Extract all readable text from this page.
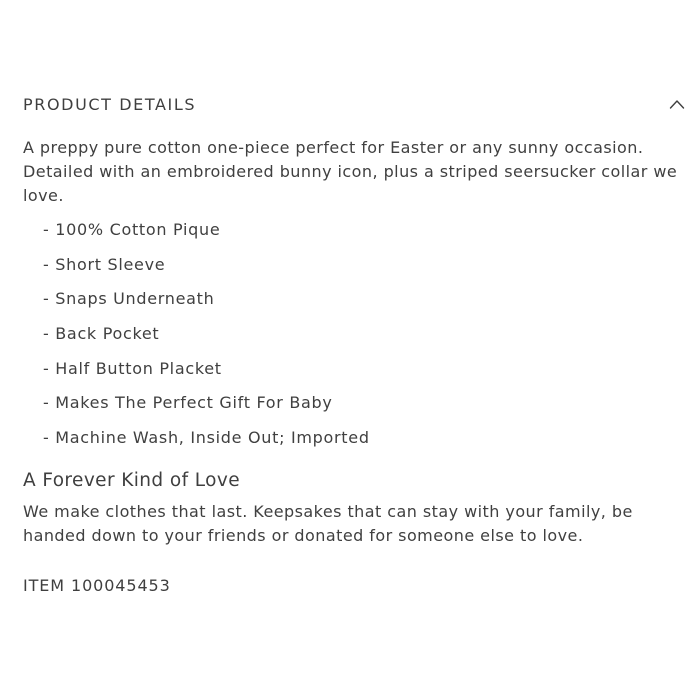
PRODUCT DETAILS

A preppy pure cotton one-piece perfect for Easter or any sunny occasion. Detailed with an embroidered bunny icon, plus a striped seersucker collar we love.

- 100% Cotton Pique
- Short Sleeve
- Snaps Underneath
- Back Pocket
- Half Button Placket
- Makes The Perfect Gift For Baby
- Machine Wash, Inside Out; Imported
A Forever Kind of Love
We make clothes that last. Keepsakes that can stay with your family, be handed down to your friends or donated for someone else to love.
ITEM 100045453
